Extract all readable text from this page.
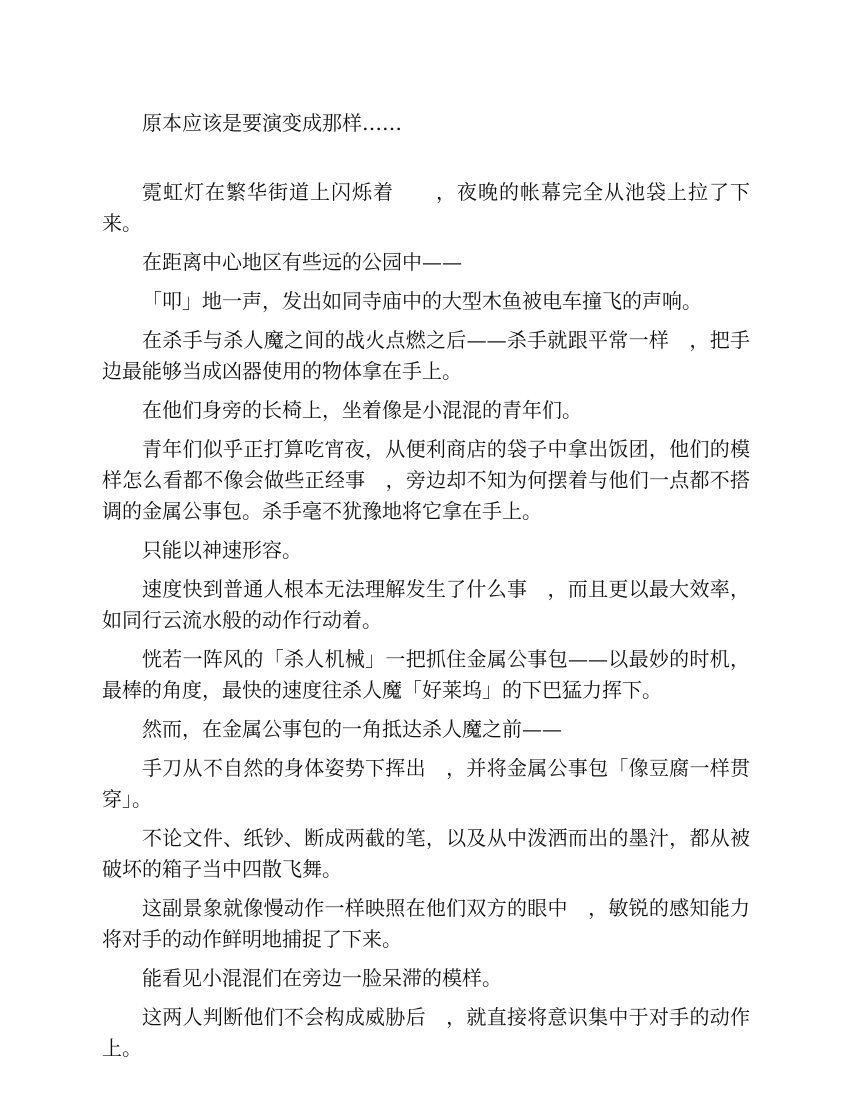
原本应该是要演变成那样……

霓虹灯在繁华街道上闪烁着　　，夜晚的帐幕完全从池袋上拉了下来。

在距离中心地区有些远的公园中——

「叩」地一声，发出如同寺庙中的大型木鱼被电车撞飞的声响。

在杀手与杀人魔之间的战火点燃之后——杀手就跟平常一样　，把手边最能够当成凶器使用的物体拿在手上。

在他们身旁的长椅上，坐着像是小混混的青年们。

青年们似乎正打算吃宵夜，从便利商店的袋子中拿出饭团，他们的模样怎么看都不像会做些正经事　，旁边却不知为何摆着与他们一点都不搭调的金属公事包。杀手毫不犹豫地将它拿在手上。

只能以神速形容。

速度快到普通人根本无法理解发生了什么事　，而且更以最大效率，如同行云流水般的动作行动着。

恍若一阵风的「杀人机械」一把抓住金属公事包——以最妙的时机，最棒的角度，最快的速度往杀人魔「好莱坞」的下巴猛力挥下。

然而，在金属公事包的一角抵达杀人魔之前——

手刀从不自然的身体姿势下挥出　，并将金属公事包「像豆腐一样贯穿」。

不论文件、纸钞、断成两截的笔，以及从中泼洒而出的墨汁，都从被破坏的箱子当中四散飞舞。

这副景象就像慢动作一样映照在他们双方的眼中　，敏锐的感知能力将对手的动作鲜明地捕捉了下来。

能看见小混混们在旁边一脸呆滞的模样。

这两人判断他们不会构成威胁后　，就直接将意识集中于对手的动作上。
